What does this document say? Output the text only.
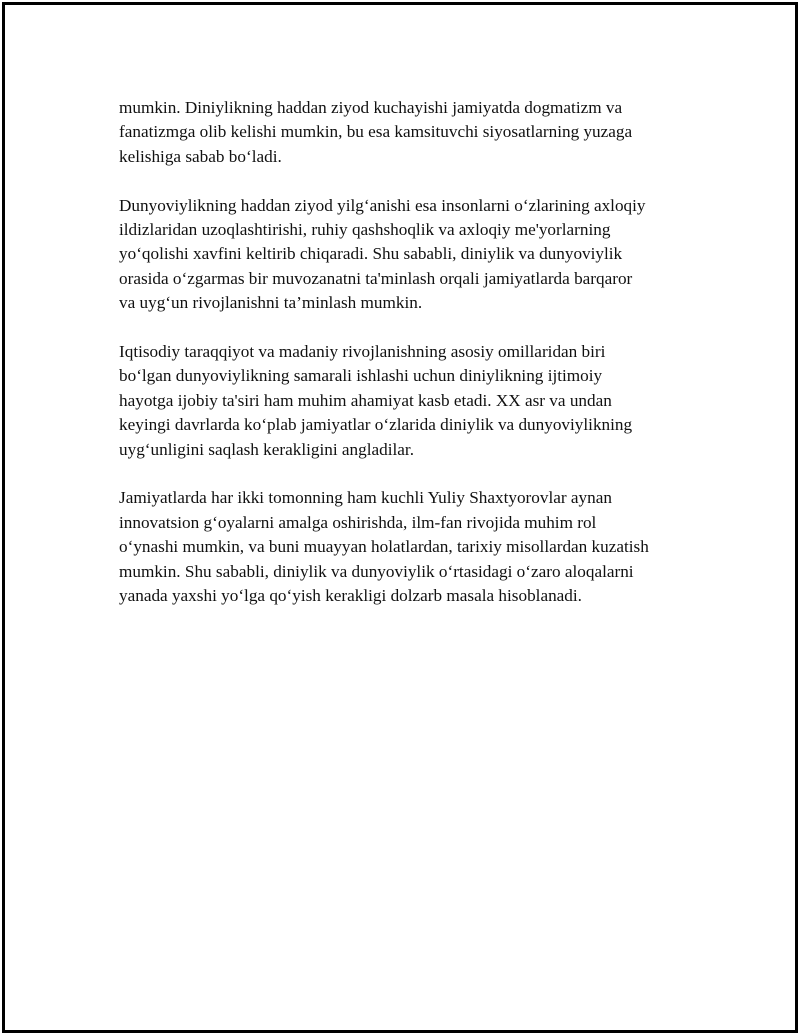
mumkin. Diniylikning haddan ziyod kuchayishi jamiyatda dogmatizm va
fanatizmga olib kelishi mumkin, bu esa kamsituvchi siyosatlarning yuzaga
kelishiga sabab bo‘ladi.

Dunyoviylikning haddan ziyod yilg‘anishi esa insonlarni o‘zlarining axloqiy
ildizlaridan uzoqlashtirishi, ruhiy qashshoqlik va axloqiy me'yorlarning
yo‘qolishi xavfini keltirib chiqaradi. Shu sababli, diniylik va dunyoviylik
orasida o‘zgarmas bir muvozanatni ta'minlash orqali jamiyatlarda barqaror
va uyg‘un rivojlanishni ta’minlash mumkin.

Iqtisodiy taraqqiyot va madaniy rivojlanishning asosiy omillaridan biri
bo‘lgan dunyoviylikning samarali ishlashi uchun diniylikning ijtimoiy
hayotga ijobiy ta'siri ham muhim ahamiyat kasb etadi. XX asr va undan
keyingi davrlarda ko‘plab jamiyatlar o‘zlarida diniylik va dunyoviylikning
uyg‘unligini saqlash kerakligini angladilar.

Jamiyatlarda har ikki tomonning ham kuchli Yuliy Shaxtyorovlar aynan
innovatsion g‘oyalarni amalga oshirishda, ilm-fan rivojida muhim rol
o‘ynashi mumkin, va buni muayyan holatlardan, tarixiy misollardan kuzatish
mumkin. Shu sababli, diniylik va dunyoviylik o‘rtasidagi o‘zaro aloqalarni
yanada yaxshi yo‘lga qo‘yish kerakligi dolzarb masala hisoblanadi.
